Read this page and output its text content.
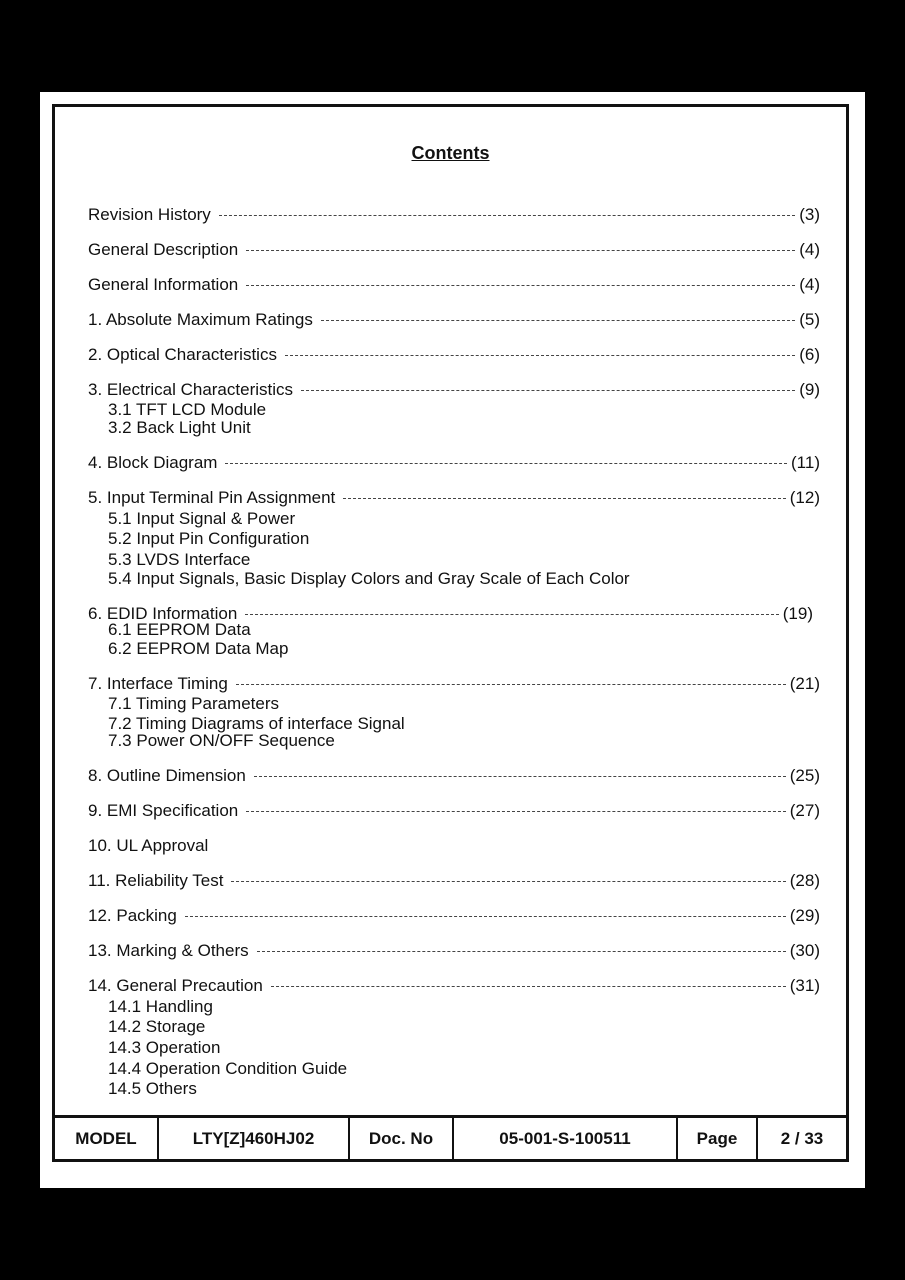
Contents
Revision History	(3)
General Description	(4)
General Information	(4)
1. Absolute Maximum Ratings	(5)
2. Optical Characteristics	(6)
3. Electrical Characteristics	(9)
3.1 TFT LCD Module
3.2 Back Light Unit
4. Block Diagram	(11)
5. Input Terminal Pin Assignment	(12)
5.1 Input Signal & Power
5.2 Input Pin Configuration
5.3 LVDS Interface
5.4 Input Signals, Basic Display Colors and Gray Scale of Each Color
6. EDID Information	(19)
6.1 EEPROM Data
6.2 EEPROM Data Map
7. Interface Timing	(21)
7.1 Timing Parameters
7.2 Timing Diagrams of interface Signal
7.3 Power ON/OFF Sequence
8. Outline Dimension	(25)
9. EMI Specification	(27)
10. UL Approval
11. Reliability Test	(28)
12. Packing	(29)
13. Marking & Others	(30)
14. General Precaution	(31)
14.1 Handling
14.2 Storage
14.3 Operation
14.4 Operation Condition Guide
14.5 Others
MODEL	LTY[Z]460HJ02	Doc. No	05-001-S-100511	Page	2 / 33
